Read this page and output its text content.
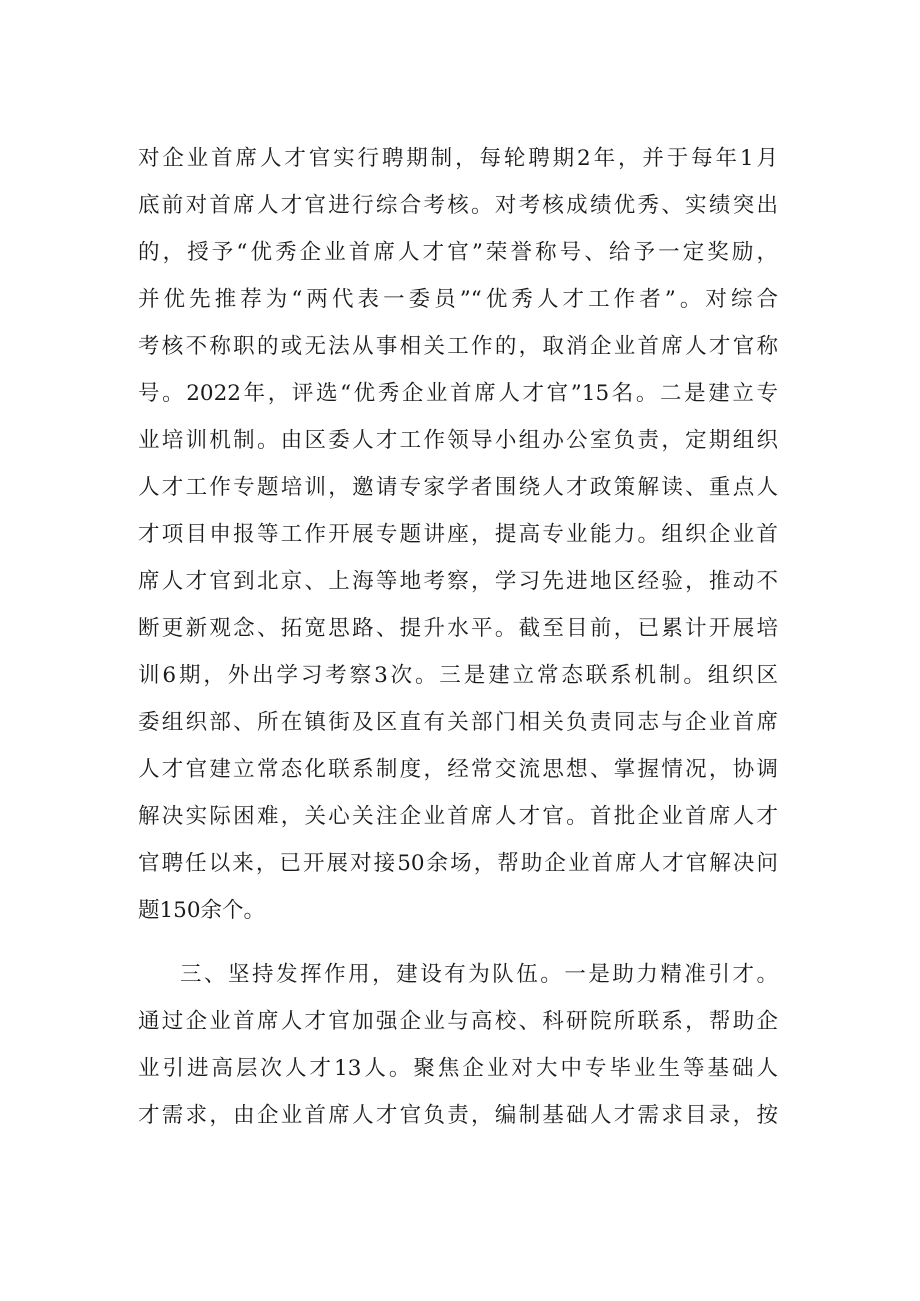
对企业首席人才官实行聘期制，每轮聘期2年，并于每年1月

底前对首席人才官进行综合考核。对考核成绩优秀、实绩突出

的，授予“优秀企业首席人才官”荣誉称号、给予一定奖励，

并优先推荐为“两代表一委员”“优秀人才工作者”。对综合

考核不称职的或无法从事相关工作的，取消企业首席人才官称

号。2022年，评选“优秀企业首席人才官”15名。二是建立专

业培训机制。由区委人才工作领导小组办公室负责，定期组织

人才工作专题培训，邀请专家学者围绕人才政策解读、重点人

才项目申报等工作开展专题讲座，提高专业能力。组织企业首

席人才官到北京、上海等地考察，学习先进地区经验，推动不

断更新观念、拓宽思路、提升水平。截至目前，已累计开展培

训6期，外出学习考察3次。三是建立常态联系机制。组织区

委组织部、所在镇街及区直有关部门相关负责同志与企业首席

人才官建立常态化联系制度，经常交流思想、掌握情况，协调

解决实际困难，关心关注企业首席人才官。首批企业首席人才

官聘任以来，已开展对接50余场，帮助企业首席人才官解决问

题150余个。

三、坚持发挥作用，建设有为队伍。一是助力精准引才。

通过企业首席人才官加强企业与高校、科研院所联系，帮助企

业引进高层次人才13人。聚焦企业对大中专毕业生等基础人

才需求，由企业首席人才官负责，编制基础人才需求目录，按
